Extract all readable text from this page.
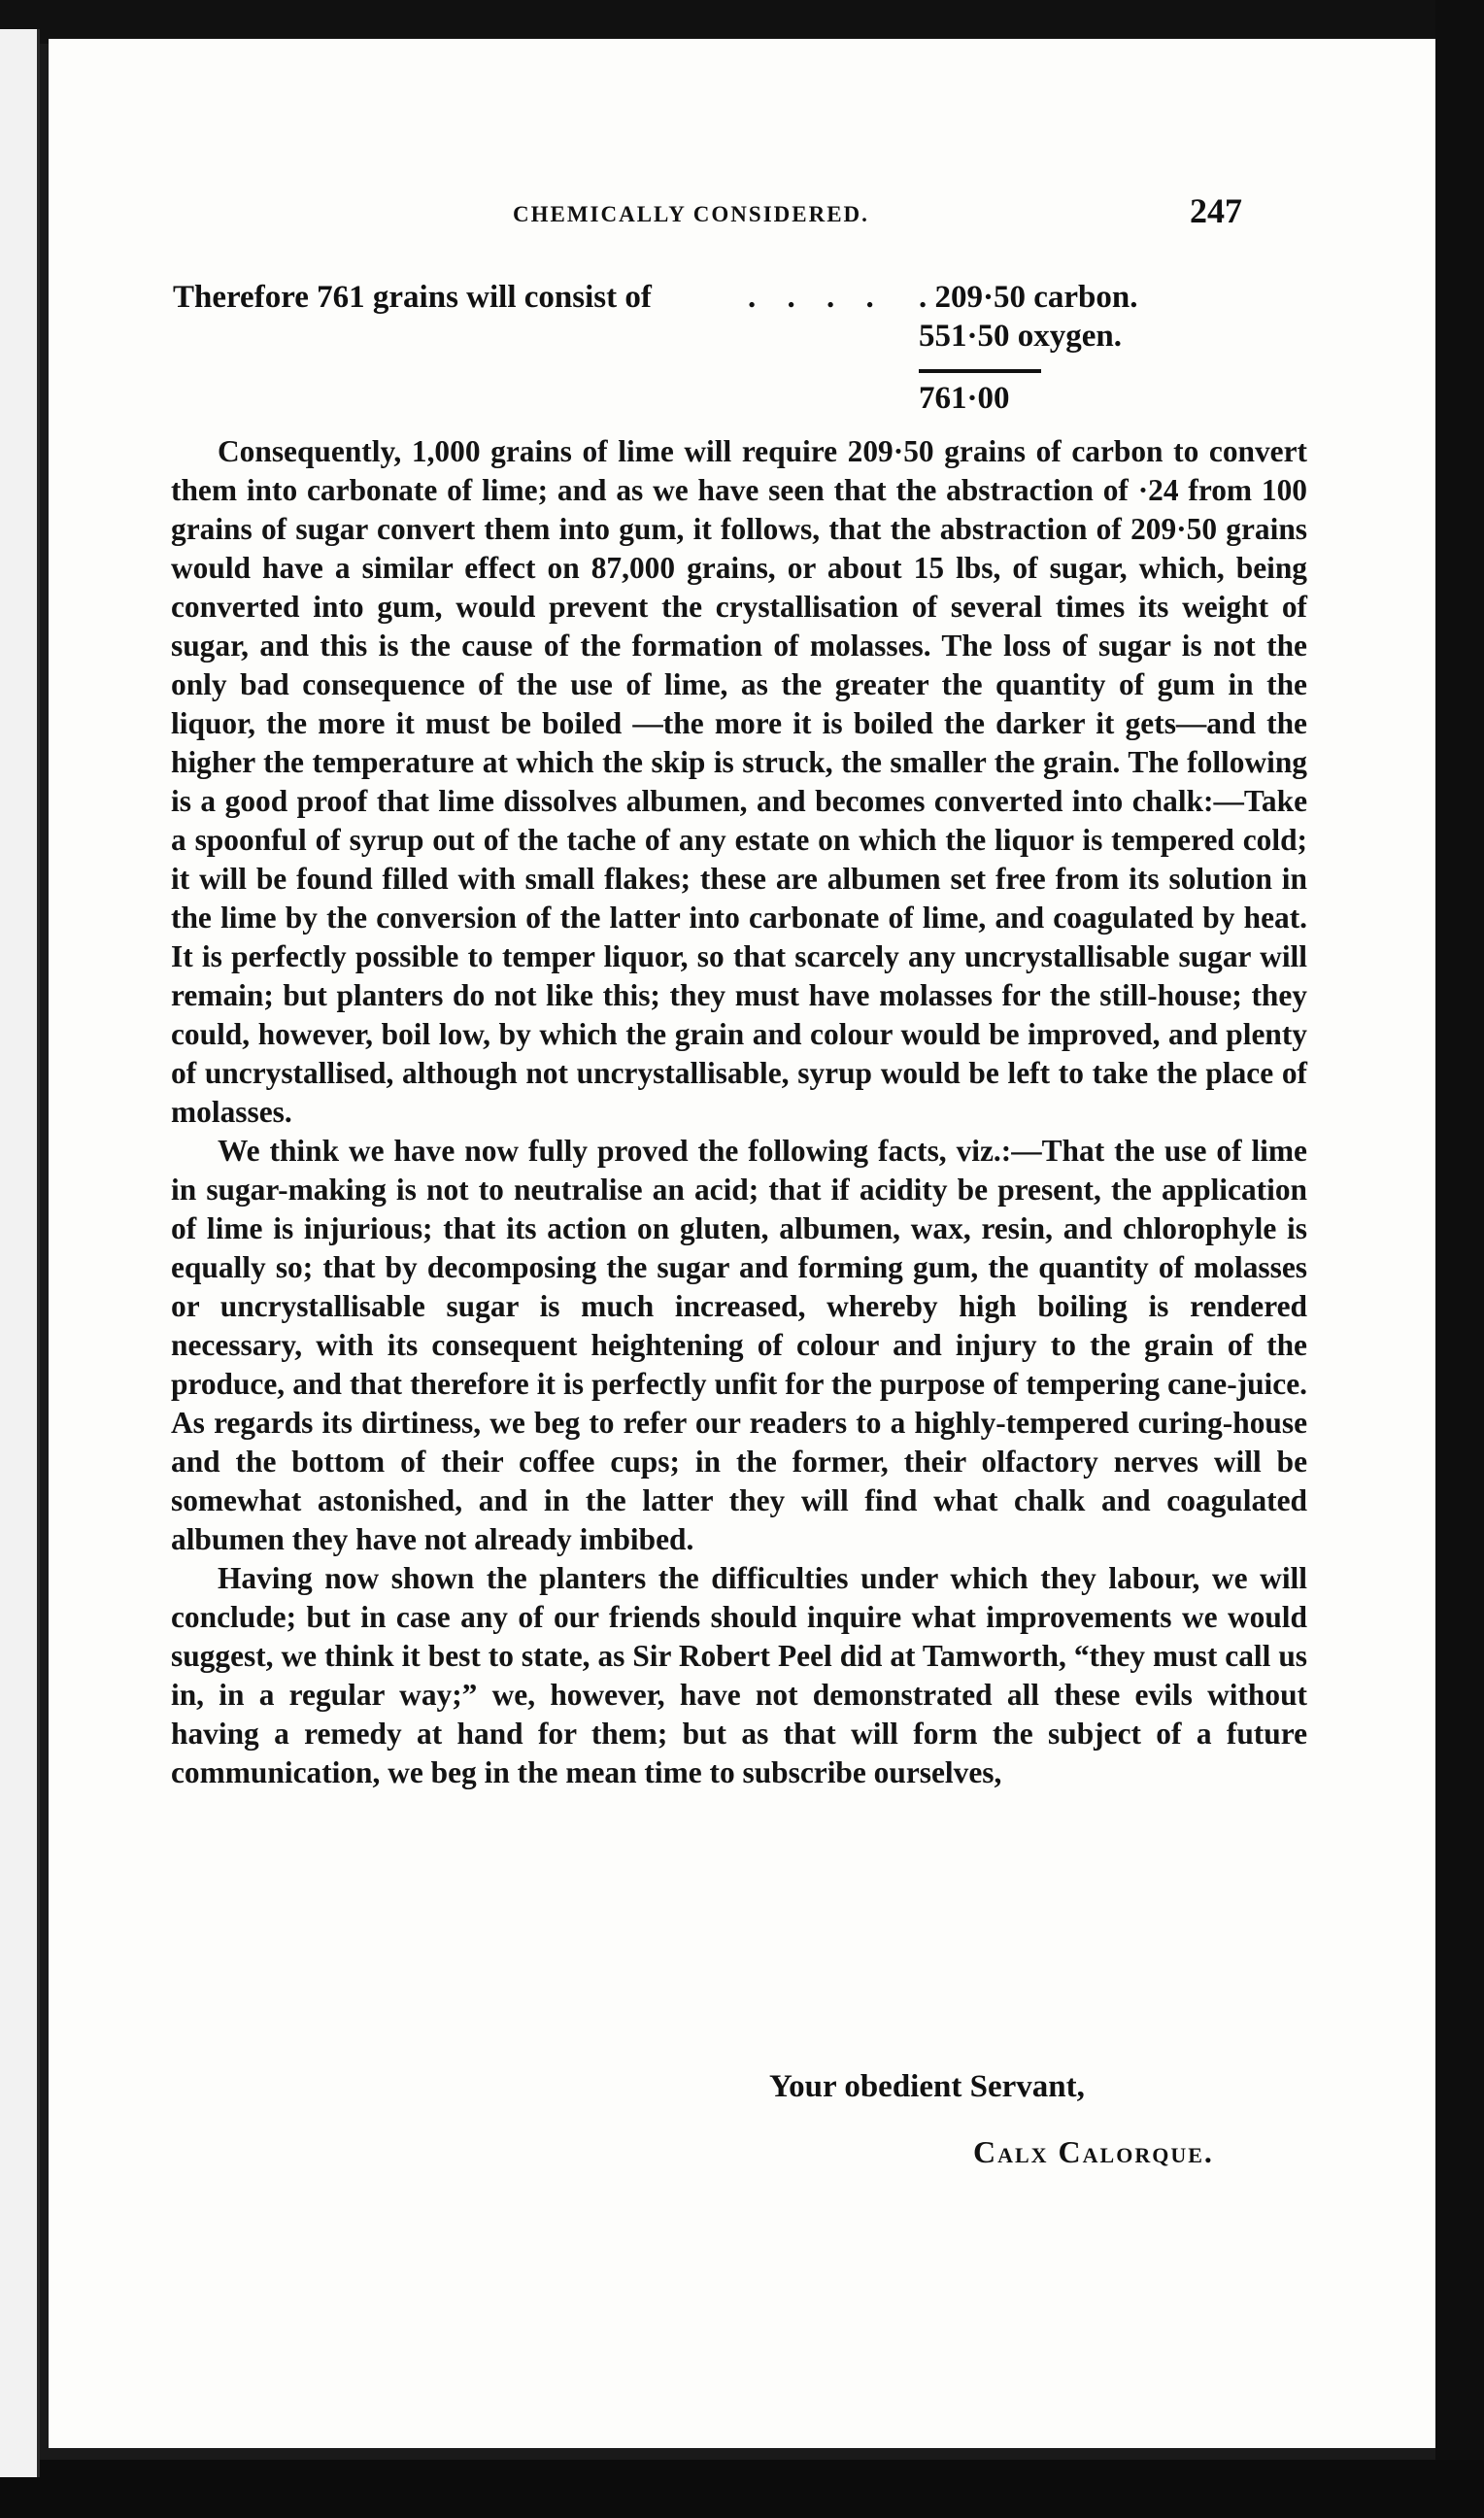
CHEMICALLY CONSIDERED.	247
Therefore 761 grains will consist of	. . . . . 209·50 carbon.
551·50 oxygen.
761·00

Consequently, 1,000 grains of lime will require 209·50 grains of carbon to convert them into carbonate of lime; and as we have seen that the abstraction of ·24 from 100 grains of sugar convert them into gum, it follows, that the abstraction of 209·50 grains would have a similar effect on 87,000 grains, or about 15 lbs, of sugar, which, being converted into gum, would prevent the crystallisation of several times its weight of sugar, and this is the cause of the formation of molasses. The loss of sugar is not the only bad consequence of the use of lime, as the greater the quantity of gum in the liquor, the more it must be boiled —the more it is boiled the darker it gets—and the higher the temperature at which the skip is struck, the smaller the grain. The following is a good proof that lime dissolves albumen, and becomes converted into chalk:—Take a spoonful of syrup out of the tache of any estate on which the liquor is tempered cold; it will be found filled with small flakes; these are albumen set free from its solution in the lime by the conversion of the latter into carbonate of lime, and coagulated by heat. It is perfectly possible to temper liquor, so that scarcely any uncrystallisable sugar will remain; but planters do not like this; they must have molasses for the still-house; they could, however, boil low, by which the grain and colour would be improved, and plenty of uncrystallised, although not uncrystallisable, syrup would be left to take the place of molasses.

We think we have now fully proved the following facts, viz.:—That the use of lime in sugar-making is not to neutralise an acid; that if acidity be present, the application of lime is injurious; that its action on gluten, albumen, wax, resin, and chlorophyle is equally so; that by decomposing the sugar and forming gum, the quantity of molasses or uncrystallisable sugar is much increased, whereby high boiling is rendered necessary, with its consequent heightening of colour and injury to the grain of the produce, and that therefore it is perfectly unfit for the purpose of tempering cane-juice. As regards its dirtiness, we beg to refer our readers to a highly-tempered curing-house and the bottom of their coffee cups; in the former, their olfactory nerves will be somewhat astonished, and in the latter they will find what chalk and coagulated albumen they have not already imbibed.

Having now shown the planters the difficulties under which they labour, we will conclude; but in case any of our friends should inquire what improvements we would suggest, we think it best to state, as Sir Robert Peel did at Tamworth, “they must call us in, in a regular way;” we, however, have not demonstrated all these evils without having a remedy at hand for them; but as that will form the subject of a future communication, we beg in the mean time to subscribe ourselves,

Your obedient Servant,
Calx Calorque.
